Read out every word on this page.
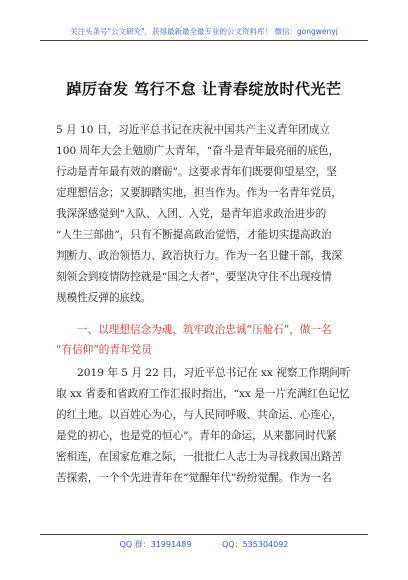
关注头条号"公文研究"，获得最新最全最专业的公文资料库！ 微信：gongwenyj
踔厉奋发 笃行不怠 让青春绽放时代光芒
5 月 10 日，习近平总书记在庆祝中国共产主义青年团成立
100 周年大会上勉励广大青年，“奋斗是青年最亮丽的底色，
行动是青年最有效的磨砺”。这要求青年们既要仰望星空，坚
定理想信念；又要脚踏实地，担当作为。作为一名青年党员，
我深深感觉到“入队、入团、入党，是青年追求政治进步的
“人生三部曲”，只有不断提高政治觉悟，才能切实提高政治
判断力、政治领悟力、政治执行力。作为一名卫健干部，我深
刻领会到疫情防控就是“国之大者”，要坚决守住不出现疫情
规模性反弹的底线。
一、以理想信念为魂，筑牢政治忠诚“压舱石”，做一名
“有信仰”的青年党员
2019 年 5 月 22 日，习近平总书记在 xx 视察工作期间听
取 xx 省委和省政府工作汇报时指出，“xx 是一片充满红色记忆
的红土地。以百姓心为心，与人民同呼吸、共命运、心连心，
是党的初心，也是党的恒心”。青年的命运，从来都同时代紧
密相连，在国家危难之际，一批批仁人志士为寻找救国出路苦
苦探索，一个个先进青年在“觉醒年代”纷纷觉醒。作为一名
QQ 群：31991489	QQ：535304092
